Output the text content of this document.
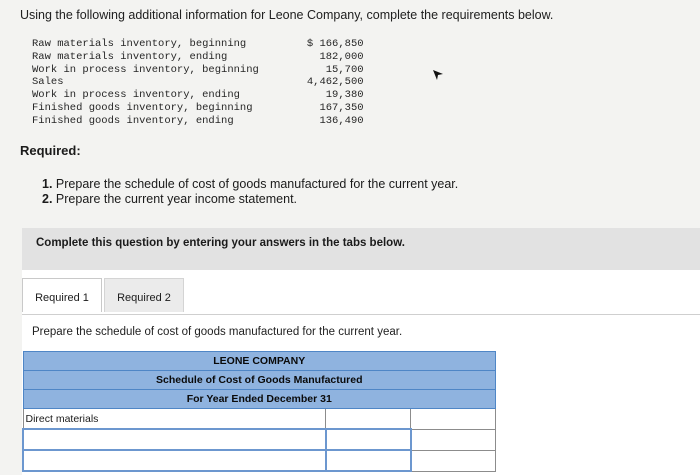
Using the following additional information for Leone Company, complete the requirements below.
Raw materials inventory, beginning	$ 166,850
Raw materials inventory, ending	182,000
Work in process inventory, beginning	15,700
Sales	4,462,500
Work in process inventory, ending	19,380
Finished goods inventory, beginning	167,350
Finished goods inventory, ending	136,490
Required:
1. Prepare the schedule of cost of goods manufactured for the current year.
2. Prepare the current year income statement.
Complete this question by entering your answers in the tabs below.
Required 1	Required 2
Prepare the schedule of cost of goods manufactured for the current year.
LEONE COMPANY		
Schedule of Cost of Goods Manufactured		
For Year Ended December 31		
Direct materials		
